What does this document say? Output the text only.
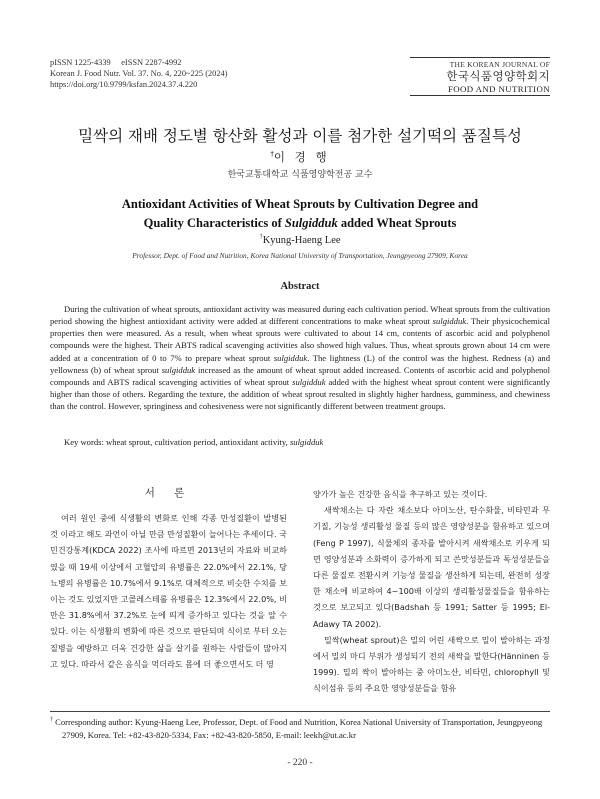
pISSN 1225-4339     eISSN 2287-4992
Korean J. Food Nutr. Vol. 37. No. 4, 220~225 (2024)
https://doi.org/10.9799/ksfan.2024.37.4.220
THE KOREAN JOURNAL OF
한국식품영양학회지
FOOD AND NUTRITION
밀싹의 재배 정도별 항산화 활성과 이를 첨가한 설기떡의 품질특성
†이 경 행
한국교통대학교 식품영양학전공 교수
Antioxidant Activities of Wheat Sprouts by Cultivation Degree and
Quality Characteristics of Sulgidduk added Wheat Sprouts
†Kyung-Haeng Lee
Professor, Dept. of Food and Nutrition, Korea National University of Transportation, Jeungpyeong 27909, Korea
Abstract
During the cultivation of wheat sprouts, antioxidant activity was measured during each cultivation period. Wheat sprouts from the cultivation period showing the highest antioxidant activity were added at different concentrations to make wheat sprout sulgidduk. Their physicochemical properties then were measured. As a result, when wheat sprouts were cultivated to about 14 cm, contents of ascorbic acid and polyphenol compounds were the highest. Their ABTS radical scavenging activities also showed high values. Thus, wheat sprouts grown about 14 cm were added at a concentration of 0 to 7% to prepare wheat sprout sulgidduk. The lightness (L) of the control was the highest. Redness (a) and yellowness (b) of wheat sprout sulgidduk increased as the amount of wheat sprout added increased. Contents of ascorbic acid and polyphenol compounds and ABTS radical scavenging activities of wheat sprout sulgidduk added with the highest wheat sprout content were significantly higher than those of others. Regarding the texture, the addition of wheat sprout resulted in slightly higher hardness, gumminess, and chewiness than the control. However, springiness and cohesiveness were not significantly different between treatment groups.
Key words: wheat sprout, cultivation period, antioxidant activity, sulgidduk
서 론

여러 원인 중에 식생활의 변화로 인해 각종 만성질환이 발병된 것 이라고 해도 과언이 아닐 만큼 만성질환이 늘어나는 추세이다. 국민건강통계(KDCA 2022) 조사에 따르면 2013년의 자료와 비교하였을 때 19세 이상에서 고혈압의 유병률은 22.0%에서 22.1%, 당뇨병의 유병률은 10.7%에서 9.1%로 대체적으로 비슷한 수치를 보이는 것도 있었지만 고콜레스테롤 유병률은 12.3%에서 22.0%, 비만은 31.8%에서 37.2%로 눈에 띄게 증가하고 있다는 것을 알 수 있다. 이는 식생활의 변화에 따른 것으로 판단되며 식이로 부터 오는 질병을 예방하고 더욱 건강한 삶을 살기를 원하는 사람들이 많아지고 있다. 따라서 같은 음식을 먹더라도 몸에 더 좋으면서도 더 영

양가가 높은 건강한 음식을 추구하고 있는 것이다.

새싹채소는 다 자란 채소보다 아미노산, 탄수화물, 비타민과 무기질, 기능성 생리활성 물질 등의 많은 영양성분을 함유하고 있으며(Feng P 1997), 식물체의 종자를 발아시켜 새싹채소로 키우게 되면 영양성분과 소화력이 증가하게 되고 쓴맛성분들과 독성성분들을 다른 물질로 전환시켜 기능성 물질을 생산하게 되는데, 완전히 성장한 채소에 비교하여 4~100배 이상의 생리활성물질들을 함유하는 것으로 보고되고 있다(Badshah 등 1991; Satter 등 1995; El-Adawy TA 2002).

밀싹(wheat sprout)은 밀의 어린 새싹으로 밀이 발아하는 과정에서 밀의 마디 부위가 생성되기 전의 새싹을 말한다(Hänninen 등 1999). 밀의 싹이 발아하는 중 아미노산, 비타민, chlorophyll 및 식이섬유 등의 주요한 영양성분들을 함유

† Corresponding author: Kyung-Haeng Lee, Professor, Dept. of Food and Nutrition, Korea National University of Transportation, Jeungpyeong 27909, Korea. Tel: +82-43-820-5334, Fax: +82-43-820-5850, E-mail: leekh@ut.ac.kr
- 220 -
